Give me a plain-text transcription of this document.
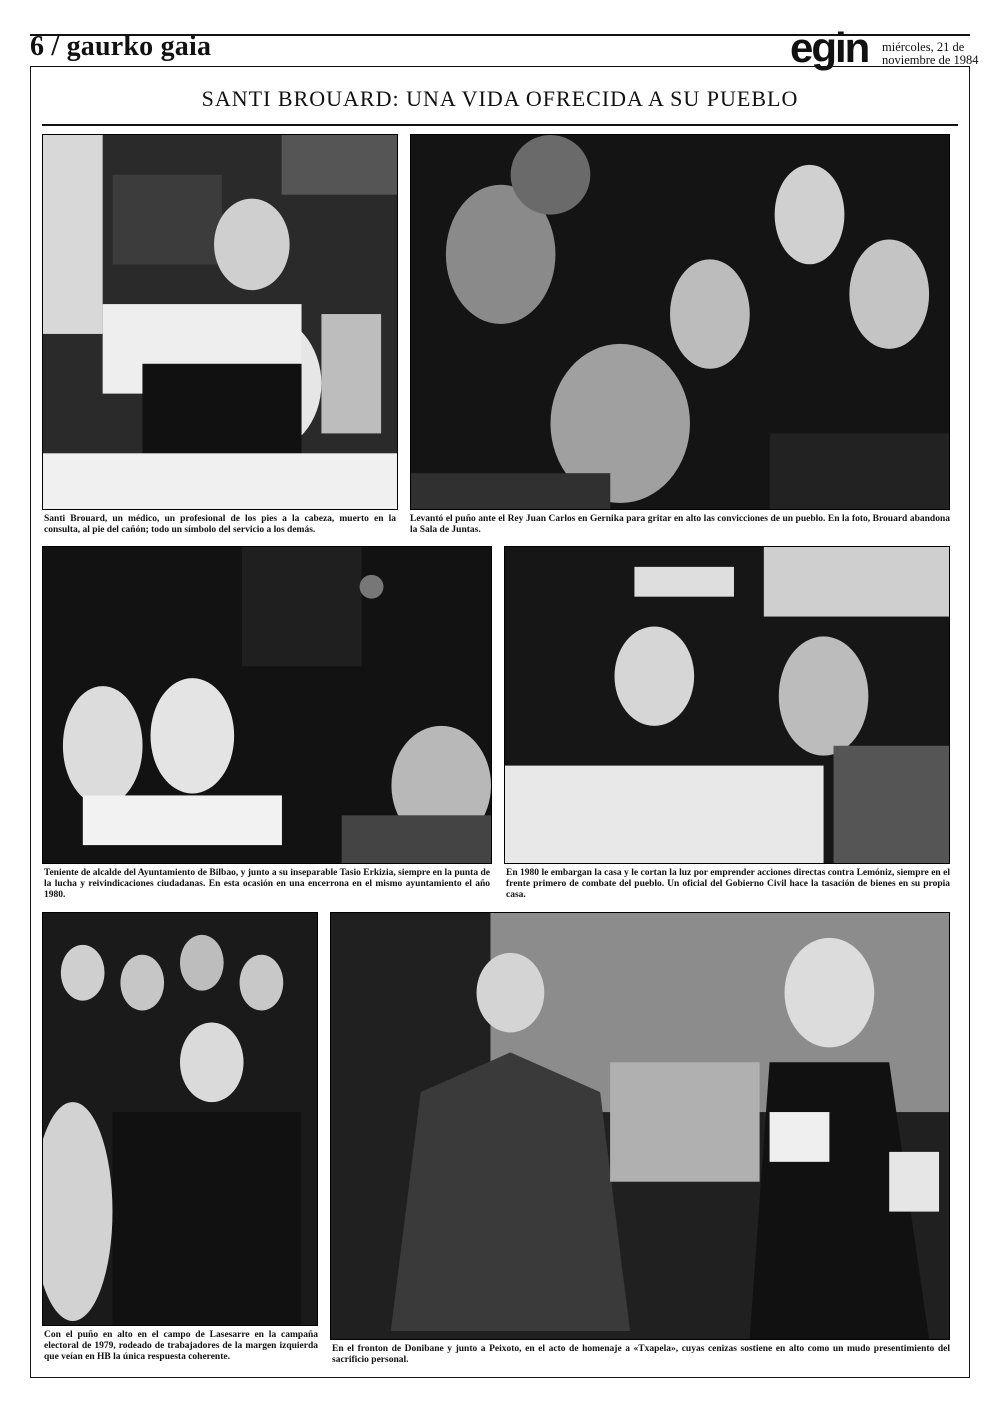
6 / gaurko gaia	egin miércoles, 21 de
noviembre de 1984
SANTI BROUARD: UNA VIDA OFRECIDA A SU PUEBLO
Santi Brouard, un médico, un profesional de los pies a la cabeza, muerto en la consulta, al pie del cañón; todo un símbolo del servicio a los demás.
Levantó el puño ante el Rey Juan Carlos en Gernika para gritar en alto las convicciones de un pueblo. En la foto, Brouard abandona la Sala de Juntas.
Teniente de alcalde del Ayuntamiento de Bilbao, y junto a su inseparable Tasio Erkizia, siempre en la punta de la lucha y reivindicaciones ciudadanas. En esta ocasión en una encerrona en el mismo ayuntamiento el año 1980.
En 1980 le embargan la casa y le cortan la luz por emprender acciones directas contra Lemóniz, siempre en el frente primero de combate del pueblo. Un oficial del Gobierno Civil hace la tasación de bienes en su propia casa.
Con el puño en alto en el campo de Lasesarre en la campaña electoral de 1979, rodeado de trabajadores de la margen izquierda que veían en HB la única respuesta coherente.
En el fronton de Donibane y junto a Peixoto, en el acto de homenaje a «Txapela», cuyas cenizas sostiene en alto como un mudo presentimiento del sacrificio personal.
